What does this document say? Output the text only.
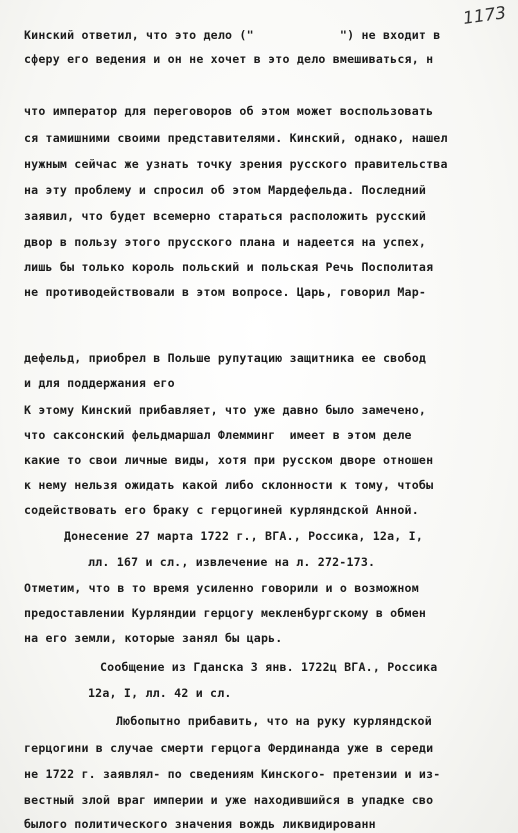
1173
Кинский ответил, что это дело ("            ") не входит в
сферу его ведения и он не хочет в это дело вмешиваться, н
что император для переговоров об этом может воспользовать
ся тамишними своими представителями. Кинский, однако, нашел
нужным сейчас же узнать точку зрения русского правительства
на эту проблему и спросил об этом Мардефельда. Последний
заявил, что будет всемерно стараться расположить русский
двор в пользу этого прусского плана и надеется на успех,
лишь бы только король польский и польская Речь Посполитая
не противодействовали в этом вопросе. Царь, говорил Мар-
дефельд, приобрел в Польше рупутацию защитника ее свобод
и для поддержания его
К этому Кинский прибавляет, что уже давно было замечено,
что саксонский фельдмаршал Флемминг  имеет в этом деле
какие то свои личные виды, хотя при русском дворе отношен
к нему нельзя ожидать какой либо склонности к тому, чтобы
содействовать его браку с герцогиней курляндской Анной.
Донесение 27 марта 1722 г., ВГА., Россика, 12а, I,
лл. 167 и сл., извлечение на л. 272-173.
Отметим, что в то время усиленно говорили и о возможном
предоставлении Курляндии герцогу мекленбургскому в обмен
на его земли, которые занял бы царь.
Сообщение из Гданска 3 янв. 1722ц ВГА., Россика
12а, I, лл. 42 и сл.
Любопытно прибавить, что на руку курляндской
герцогини в случае смерти герцога Фердинанда уже в середи
не 1722 г. заявлял- по сведениям Кинского- претензии и из-
вестный злой враг империи и уже находившийся в упадке сво
былого политического значения вождь ликвидированн
